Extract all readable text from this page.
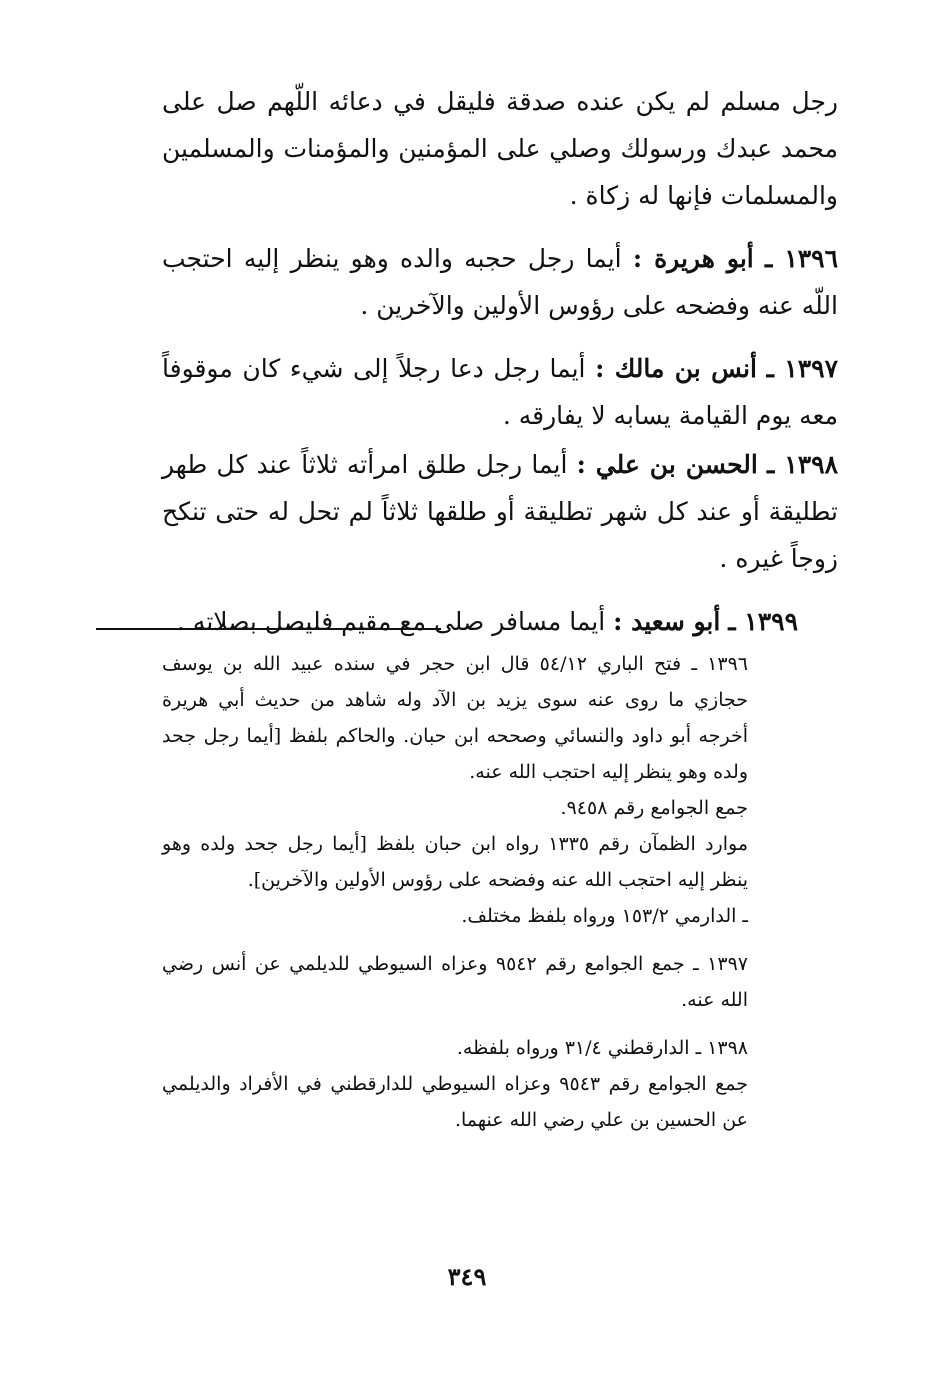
رجل مسلم لم يكن عنده صدقة فليقل في دعائه اللّهم صل على محمد عبدك ورسولك وصلي على المؤمنين والمؤمنات والمسلمين والمسلمات فإنها له زكاة .

١٣٩٦ ـ أبو هريرة : أيما رجل حجبه والده وهو ينظر إليه احتجب اللّه عنه وفضحه على رؤوس الأولين والآخرين .

١٣٩٧ ـ أنس بن مالك : أيما رجل دعا رجلاً إلى شيء كان موقوفاً معه يوم القيامة يسابه لا يفارقه .

١٣٩٨ ـ الحسن بن علي : أيما رجل طلق امرأته ثلاثاً عند كل طهر تطليقة أو عند كل شهر تطليقة أو طلقها ثلاثاً لم تحل له حتى تنكح زوجاً غيره .

١٣٩٩ ـ أبو سعيد : أيما مسافر صلى مع مقيم فليصل بصلاته .

١٣٩٦ ـ فتح الباري ٥٤/١٢ قال ابن حجر في سنده عبيد الله بن يوسف حجازي ما روى عنه سوى يزيد بن الآد وله شاهد من حديث أبي هريرة أخرجه أبو داود والنسائي وصححه ابن حبان. والحاكم بلفظ [أيما رجل جحد ولده وهو ينظر إليه احتجب الله عنه.

جمع الجوامع رقم ٩٤٥٨.

موارد الظمآن رقم ١٣٣٥ رواه ابن حبان بلفظ [أيما رجل جحد ولده وهو ينظر إليه احتجب الله عنه وفضحه على رؤوس الأولين والآخرين].

ـ الدارمي ١٥٣/٢ ورواه بلفظ مختلف.

١٣٩٧ ـ جمع الجوامع رقم ٩٥٤٢ وعزاه السيوطي للديلمي عن أنس رضي الله عنه.

١٣٩٨ ـ الدارقطني ٣١/٤ ورواه بلفظه.

جمع الجوامع رقم ٩٥٤٣ وعزاه السيوطي للدارقطني في الأفراد والديلمي عن الحسين بن علي رضي الله عنهما.

٣٤٩
